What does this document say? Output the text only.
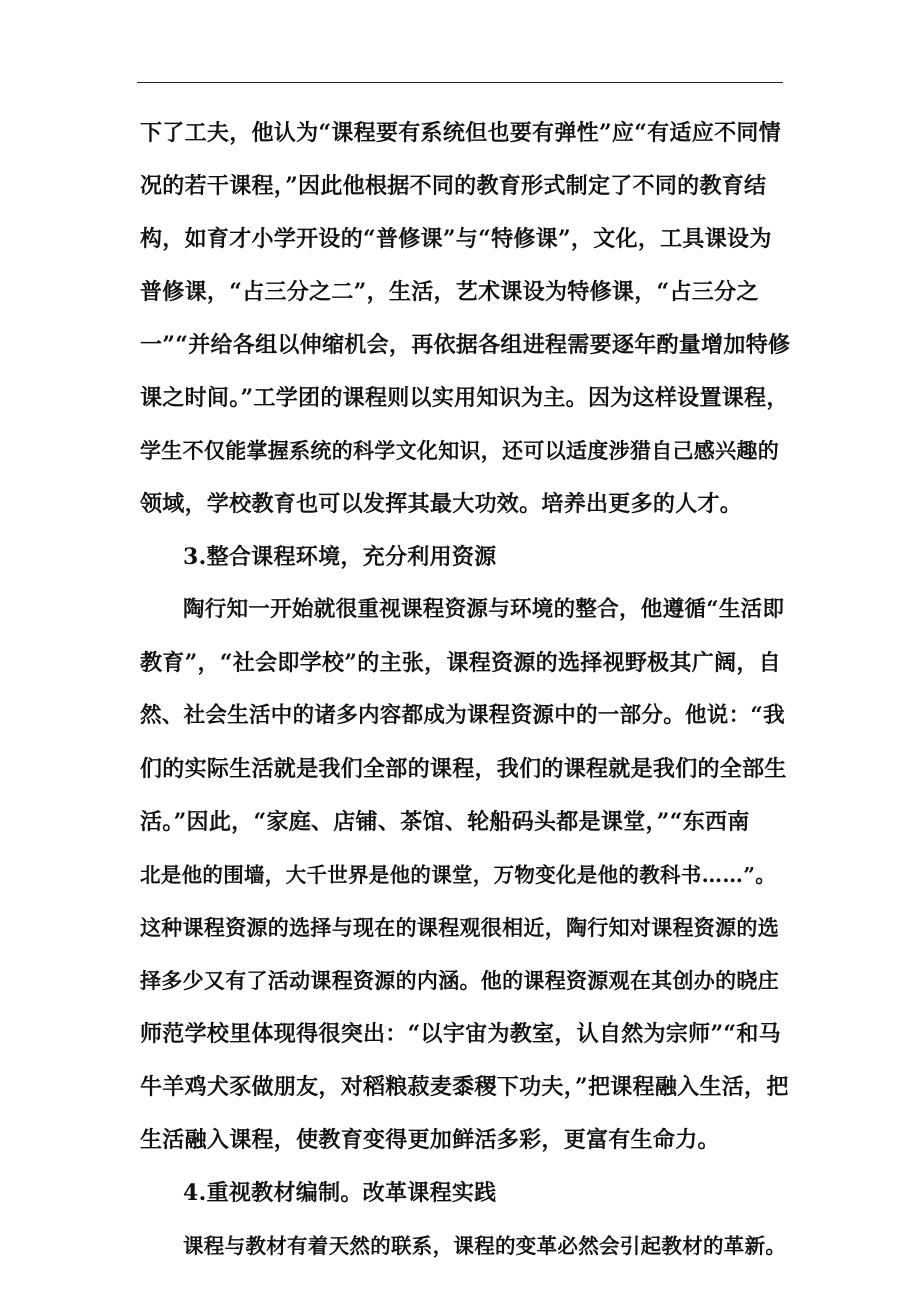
下了工夫，他认为“课程要有系统但也要有弹性”应“有适应不同情
况的若干课程，”因此他根据不同的教育形式制定了不同的教育结
构，如育才小学开设的“普修课”与“特修课”，文化，工具课设为
普修课，“占三分之二”，生活，艺术课设为特修课，“占三分之
一”“并给各组以伸缩机会，再依据各组进程需要逐年酌量增加特修
课之时间。”工学团的课程则以实用知识为主。因为这样设置课程，
学生不仅能掌握系统的科学文化知识，还可以适度涉猎自己感兴趣的
领域，学校教育也可以发挥其最大功效。培养出更多的人才。
3.整合课程环境，充分利用资源
陶行知一开始就很重视课程资源与环境的整合，他遵循“生活即
教育”，“社会即学校”的主张，课程资源的选择视野极其广阔，自
然、社会生活中的诸多内容都成为课程资源中的一部分。他说：“我
们的实际生活就是我们全部的课程，我们的课程就是我们的全部生
活。”因此，“家庭、店铺、茶馆、轮船码头都是课堂，”“东西南
北是他的围墙，大千世界是他的课堂，万物变化是他的教科书……”。
这种课程资源的选择与现在的课程观很相近，陶行知对课程资源的选
择多少又有了活动课程资源的内涵。他的课程资源观在其创办的晓庄
师范学校里体现得很突出：“以宇宙为教室，认自然为宗师”“和马
牛羊鸡犬豕做朋友，对稻粮菽麦黍稷下功夫，”把课程融入生活，把
生活融入课程，使教育变得更加鲜活多彩，更富有生命力。
4.重视教材编制。改革课程实践
课程与教材有着天然的联系，课程的变革必然会引起教材的革新。
